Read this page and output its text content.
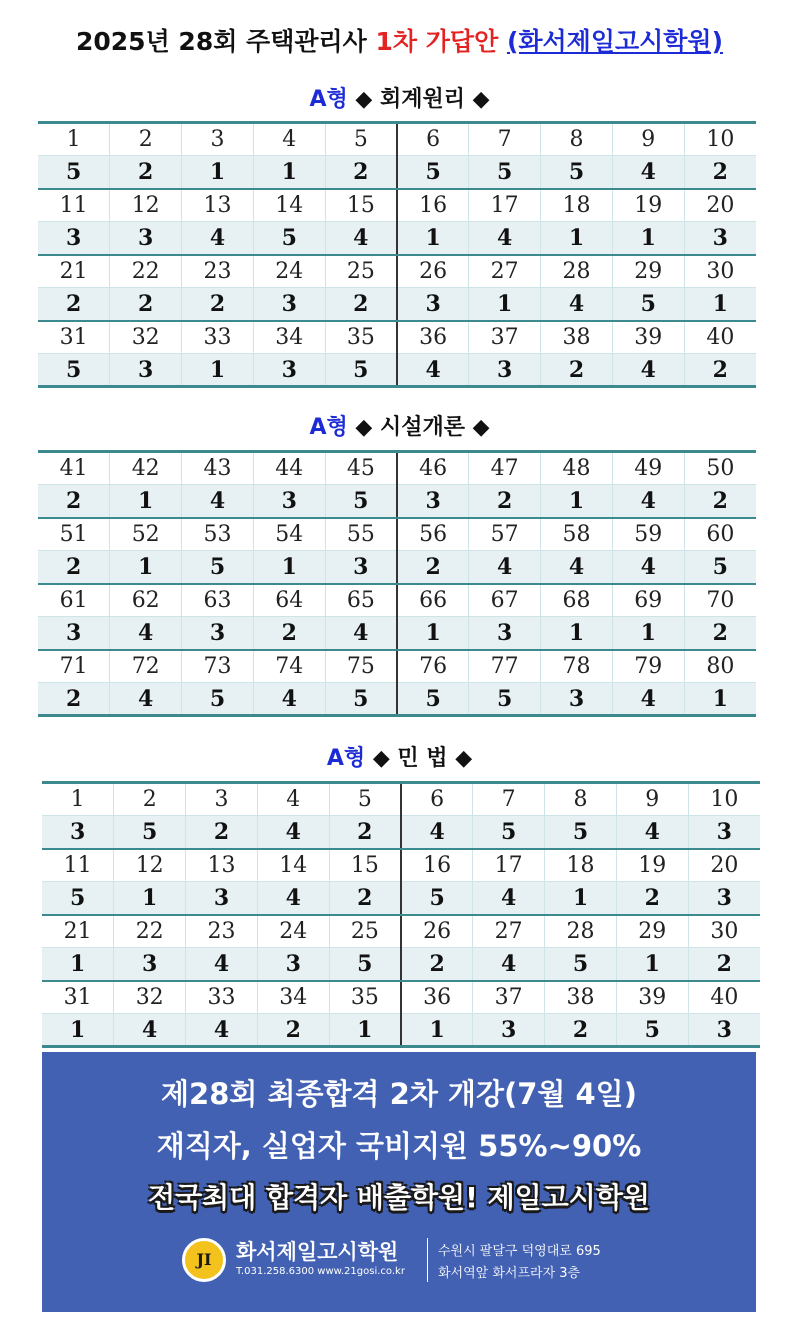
2025년 28회 주택관리사 1차 가답안 (화서제일고시학원)
A형 ◆ 회계원리 ◆
1	2	3	4	5	6	7	8	9	10
5	2	1	1	2	5	5	5	4	2
11	12	13	14	15	16	17	18	19	20
3	3	4	5	4	1	4	1	1	3
21	22	23	24	25	26	27	28	29	30
2	2	2	3	2	3	1	4	5	1
31	32	33	34	35	36	37	38	39	40
5	3	1	3	5	4	3	2	4	2
A형 ◆ 시설개론 ◆
41	42	43	44	45	46	47	48	49	50
2	1	4	3	5	3	2	1	4	2
51	52	53	54	55	56	57	58	59	60
2	1	5	1	3	2	4	4	4	5
61	62	63	64	65	66	67	68	69	70
3	4	3	2	4	1	3	1	1	2
71	72	73	74	75	76	77	78	79	80
2	4	5	4	5	5	5	3	4	1
A형 ◆ 민 법 ◆
1	2	3	4	5	6	7	8	9	10
3	5	2	4	2	4	5	5	4	3
11	12	13	14	15	16	17	18	19	20
5	1	3	4	2	5	4	1	2	3
21	22	23	24	25	26	27	28	29	30
1	3	4	3	5	2	4	5	1	2
31	32	33	34	35	36	37	38	39	40
1	4	4	2	1	1	3	2	5	3
제28회 최종합격 2차 개강(7월 4일)
재직자, 실업자 국비지원 55%~90%
전국최대 합격자 배출학원! 제일고시학원
JI	화서제일고시학원
T.031.258.6300 www.21gosi.co.kr
수원시 팔달구 덕영대로 695
화서역앞 화서프라자 3층
